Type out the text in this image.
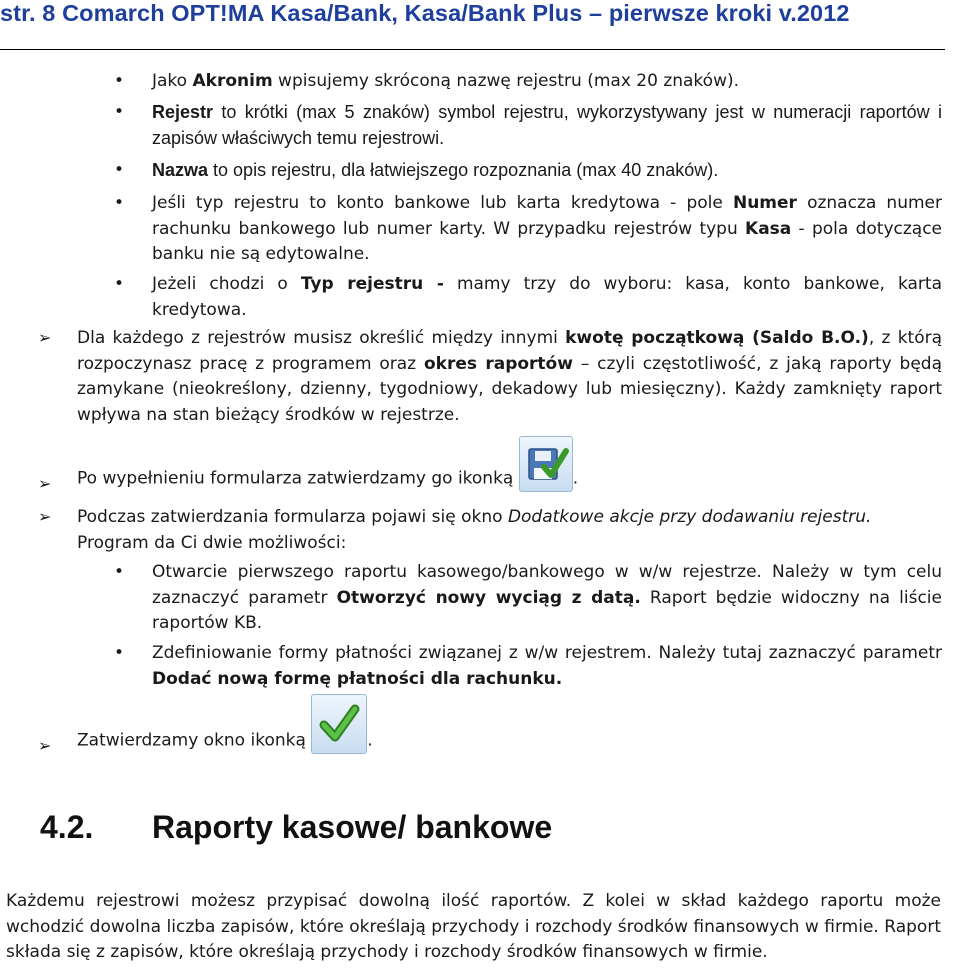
str. 8 Comarch OPT!MA Kasa/Bank, Kasa/Bank Plus – pierwsze kroki v.2012
•
Jako Akronim wpisujemy skróconą nazwę rejestru (max 20 znaków).
•
Rejestr to krótki (max 5 znaków) symbol rejestru, wykorzystywany jest w numeracji raportów i zapisów właściwych temu rejestrowi.
•
Nazwa to opis rejestru, dla łatwiejszego rozpoznania (max 40 znaków).
•
Jeśli typ rejestru to konto bankowe lub karta kredytowa - pole Numer oznacza numer rachunku bankowego lub numer karty. W przypadku rejestrów typu Kasa - pola dotyczące banku nie są edytowalne.
•
Jeżeli chodzi o Typ rejestru - mamy trzy do wyboru: kasa, konto bankowe, karta kredytowa.
➢ Dla każdego z rejestrów musisz określić między innymi kwotę początkową (Saldo B.O.), z którą rozpoczynasz pracę z programem oraz okres raportów – czyli częstotliwość, z jaką raporty będą zamykane (nieokreślony, dzienny, tygodniowy, dekadowy lub miesięczny). Każdy zamknięty raport wpływa na stan bieżący środków w rejestrze.
➢ Po wypełnieniu formularza zatwierdzamy go ikonką	.
➢ Podczas zatwierdzania formularza pojawi się okno Dodatkowe akcje przy dodawaniu rejestru.
Program da Ci dwie możliwości:
•
Otwarcie pierwszego raportu kasowego/bankowego w w/w rejestrze. Należy w tym celu zaznaczyć parametr Otworzyć nowy wyciąg z datą. Raport będzie widoczny na liście raportów KB.
•
Zdefiniowanie formy płatności związanej z w/w rejestrem. Należy tutaj zaznaczyć parametr Dodać nową formę płatności dla rachunku.
➢ Zatwierdzamy okno ikonką	.
4.2. Raporty kasowe/ bankowe
Każdemu rejestrowi możesz przypisać dowolną ilość raportów. Z kolei w skład każdego raportu może wchodzić dowolna liczba zapisów, które określają przychody i rozchody środków finansowych w firmie. Raport składa się z zapisów, które określają przychody i rozchody środków finansowych w firmie.
